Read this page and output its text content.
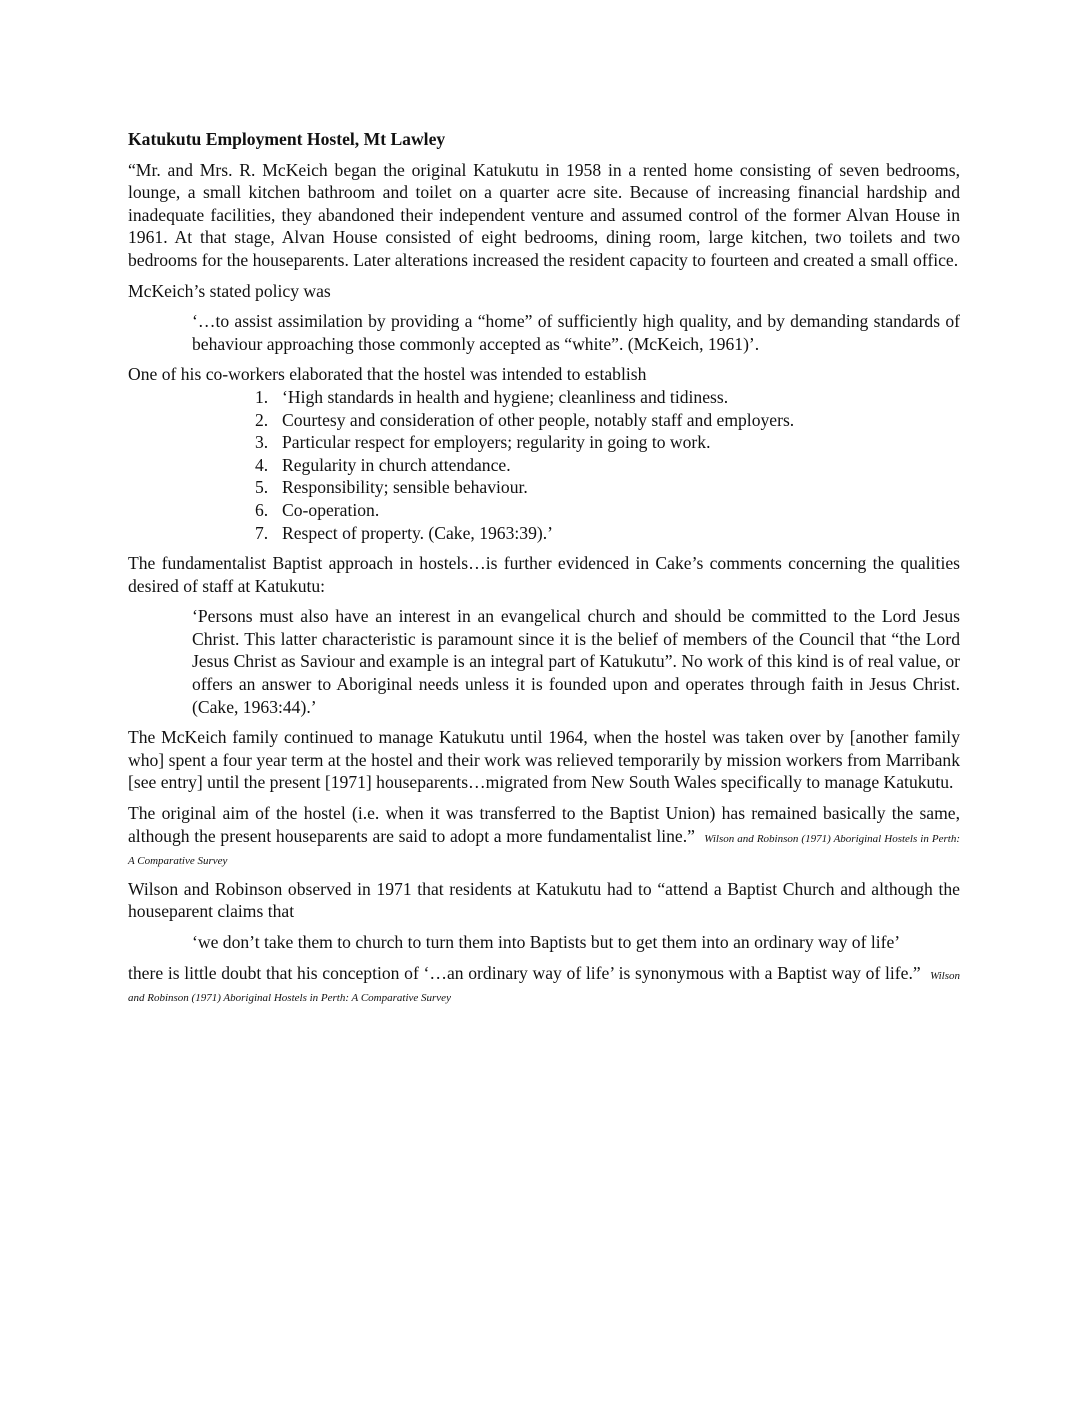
Katukutu Employment Hostel, Mt Lawley

“Mr. and Mrs. R. McKeich began the original Katukutu in 1958 in a rented home consisting of seven bedrooms, lounge, a small kitchen bathroom and toilet on a quarter acre site. Because of increasing financial hardship and inadequate facilities, they abandoned their independent venture and assumed control of the former Alvan House in 1961. At that stage, Alvan House consisted of eight bedrooms, dining room, large kitchen, two toilets and two bedrooms for the houseparents. Later alterations increased the resident capacity to fourteen and created a small office.

McKeich’s stated policy was

‘…to assist assimilation by providing a “home” of sufficiently high quality, and by demanding standards of behaviour approaching those commonly accepted as “white”. (McKeich, 1961)’.

One of his co-workers elaborated that the hostel was intended to establish

1. ‘High standards in health and hygiene; cleanliness and tidiness.
2. Courtesy and consideration of other people, notably staff and employers.
3. Particular respect for employers; regularity in going to work.
4. Regularity in church attendance.
5. Responsibility; sensible behaviour.
6. Co-operation.
7. Respect of property. (Cake, 1963:39).’

The fundamentalist Baptist approach in hostels…is further evidenced in Cake’s comments concerning the qualities desired of staff at Katukutu:

‘Persons must also have an interest in an evangelical church and should be committed to the Lord Jesus Christ. This latter characteristic is paramount since it is the belief of members of the Council that “the Lord Jesus Christ as Saviour and example is an integral part of Katukutu”. No work of this kind is of real value, or offers an answer to Aboriginal needs unless it is founded upon and operates through faith in Jesus Christ. (Cake, 1963:44).’

The McKeich family continued to manage Katukutu until 1964, when the hostel was taken over by [another family who] spent a four year term at the hostel and their work was relieved temporarily by mission workers from Marribank [see entry] until the present [1971] houseparents…migrated from New South Wales specifically to manage Katukutu.

The original aim of the hostel (i.e. when it was transferred to the Baptist Union) has remained basically the same, although the present houseparents are said to adopt a more fundamentalist line.” Wilson and Robinson (1971) Aboriginal Hostels in Perth: A Comparative Survey

Wilson and Robinson observed in 1971 that residents at Katukutu had to “attend a Baptist Church and although the houseparent claims that

‘we don’t take them to church to turn them into Baptists but to get them into an ordinary way of life’

there is little doubt that his conception of ‘…an ordinary way of life’ is synonymous with a Baptist way of life.” Wilson and Robinson (1971) Aboriginal Hostels in Perth: A Comparative Survey
